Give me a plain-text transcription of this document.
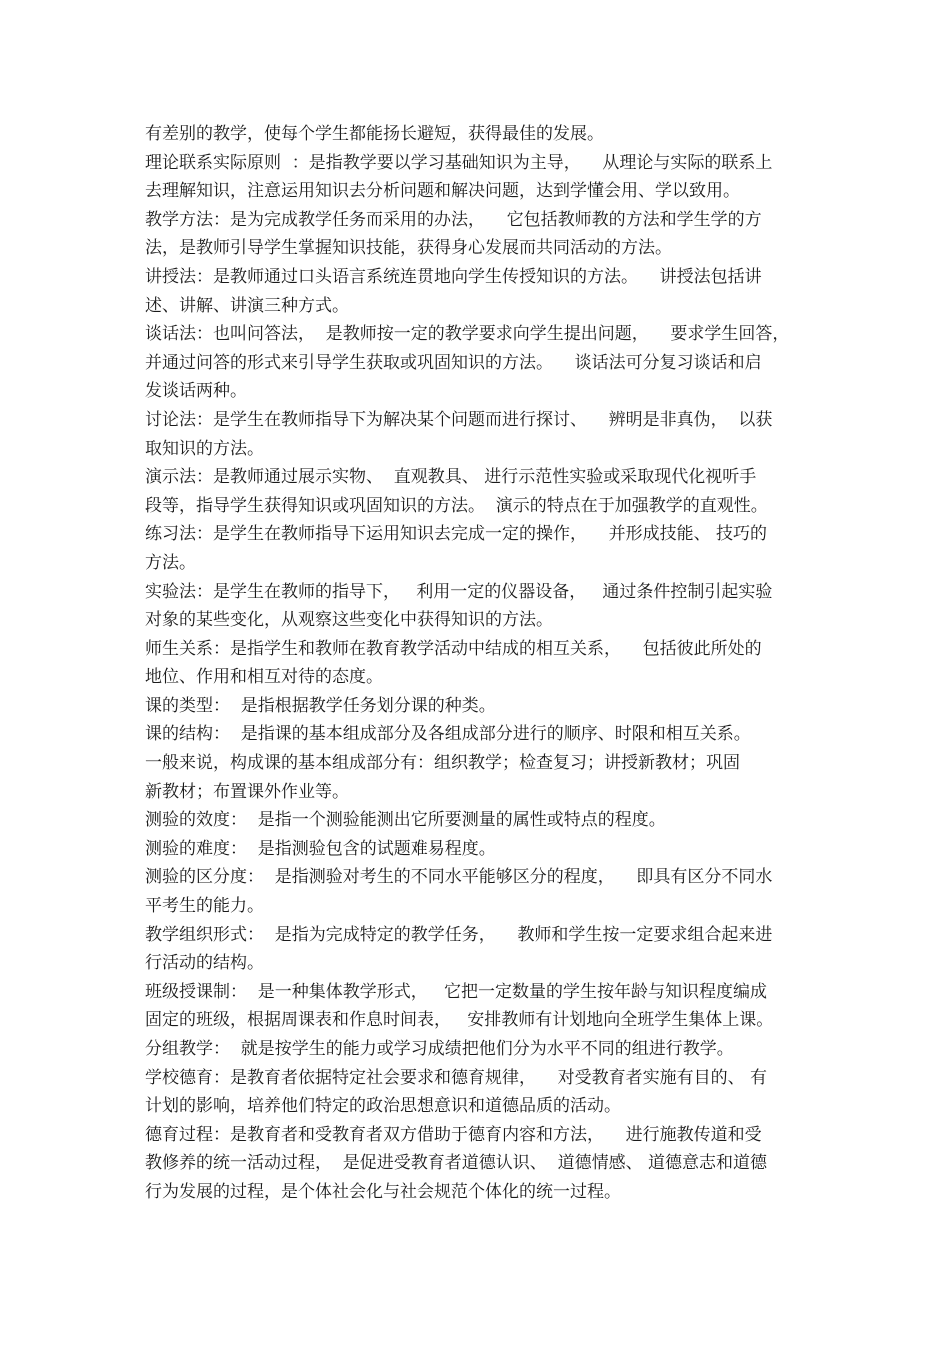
有差别的教学，使每个学生都能扬长避短，获得最佳的发展。
理论联系实际原则  ：是指教学要以学习基础知识为主导，    从理论与实际的联系上
去理解知识，注意运用知识去分析问题和解决问题，达到学懂会用、学以致用。
教学方法：是为完成教学任务而采用的办法，    它包括教师教的方法和学生学的方
法，是教师引导学生掌握知识技能，获得身心发展而共同活动的方法。
讲授法：是教师通过口头语言系统连贯地向学生传授知识的方法。    讲授法包括讲
述、讲解、讲演三种方式。
谈话法：也叫问答法，  是教师按一定的教学要求向学生提出问题，    要求学生回答，
并通过问答的形式来引导学生获取或巩固知识的方法。    谈话法可分复习谈话和启
发谈话两种。
讨论法：是学生在教师指导下为解决某个问题而进行探讨、    辨明是非真伪，  以获
取知识的方法。
演示法：是教师通过展示实物、  直观教具、 进行示范性实验或采取现代化视听手
段等，指导学生获得知识或巩固知识的方法。  演示的特点在于加强教学的直观性。
练习法：是学生在教师指导下运用知识去完成一定的操作，    并形成技能、 技巧的
方法。
实验法：是学生在教师的指导下，   利用一定的仪器设备，   通过条件控制引起实验
对象的某些变化，从观察这些变化中获得知识的方法。
师生关系：是指学生和教师在教育教学活动中结成的相互关系，    包括彼此所处的
地位、作用和相互对待的态度。
课的类型：  是指根据教学任务划分课的种类。
课的结构：  是指课的基本组成部分及各组成部分进行的顺序、时限和相互关系。
一般来说，构成课的基本组成部分有：组织教学；检查复习；讲授新教材；巩固
新教材；布置课外作业等。
测验的效度：  是指一个测验能测出它所要测量的属性或特点的程度。
测验的难度：  是指测验包含的试题难易程度。
测验的区分度：  是指测验对考生的不同水平能够区分的程度，    即具有区分不同水
平考生的能力。
教学组织形式：  是指为完成特定的教学任务，    教师和学生按一定要求组合起来进
行活动的结构。
班级授课制：  是一种集体教学形式，   它把一定数量的学生按年龄与知识程度编成
固定的班级，根据周课表和作息时间表，   安排教师有计划地向全班学生集体上课。
分组教学：  就是按学生的能力或学习成绩把他们分为水平不同的组进行教学。
学校德育：是教育者依据特定社会要求和德育规律，    对受教育者实施有目的、 有
计划的影响，培养他们特定的政治思想意识和道德品质的活动。
德育过程：是教育者和受教育者双方借助于德育内容和方法，    进行施教传道和受
教修养的统一活动过程，  是促进受教育者道德认识、  道德情感、 道德意志和道德
行为发展的过程，是个体社会化与社会规范个体化的统一过程。
